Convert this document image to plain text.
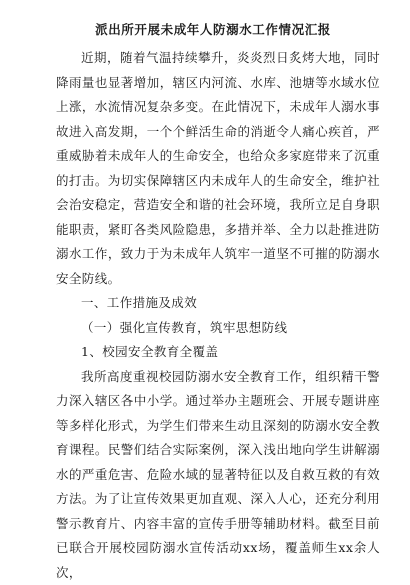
派出所开展未成年人防溺水工作情况汇报

近期，随着气温持续攀升，炎炎烈日炙烤大地，同时降雨量也显著增加，辖区内河流、水库、池塘等水域水位上涨，水流情况复杂多变。在此情况下，未成年人溺水事故进入高发期，一个个鲜活生命的消逝令人痛心疾首，严重威胁着未成年人的生命安全，也给众多家庭带来了沉重的打击。为切实保障辖区内未成年人的生命安全，维护社会治安稳定，营造安全和谐的社会环境，我所立足自身职能职责，紧盯各类风险隐患，多措并举、全力以赴推进防溺水工作，致力于为未成年人筑牢一道坚不可摧的防溺水安全防线。

一、工作措施及成效

（一）强化宣传教育，筑牢思想防线

1、校园安全教育全覆盖

我所高度重视校园防溺水安全教育工作，组织精干警力深入辖区各中小学。通过举办主题班会、开展专题讲座等多样化形式，为学生们带来生动且深刻的防溺水安全教育课程。民警们结合实际案例，深入浅出地向学生讲解溺水的严重危害、危险水域的显著特征以及自救互救的有效方法。为了让宣传效果更加直观、深入人心，还充分利用警示教育片、内容丰富的宣传手册等辅助材料。截至目前已联合开展校园防溺水宣传活动xx场，覆盖师生xx余人次，
